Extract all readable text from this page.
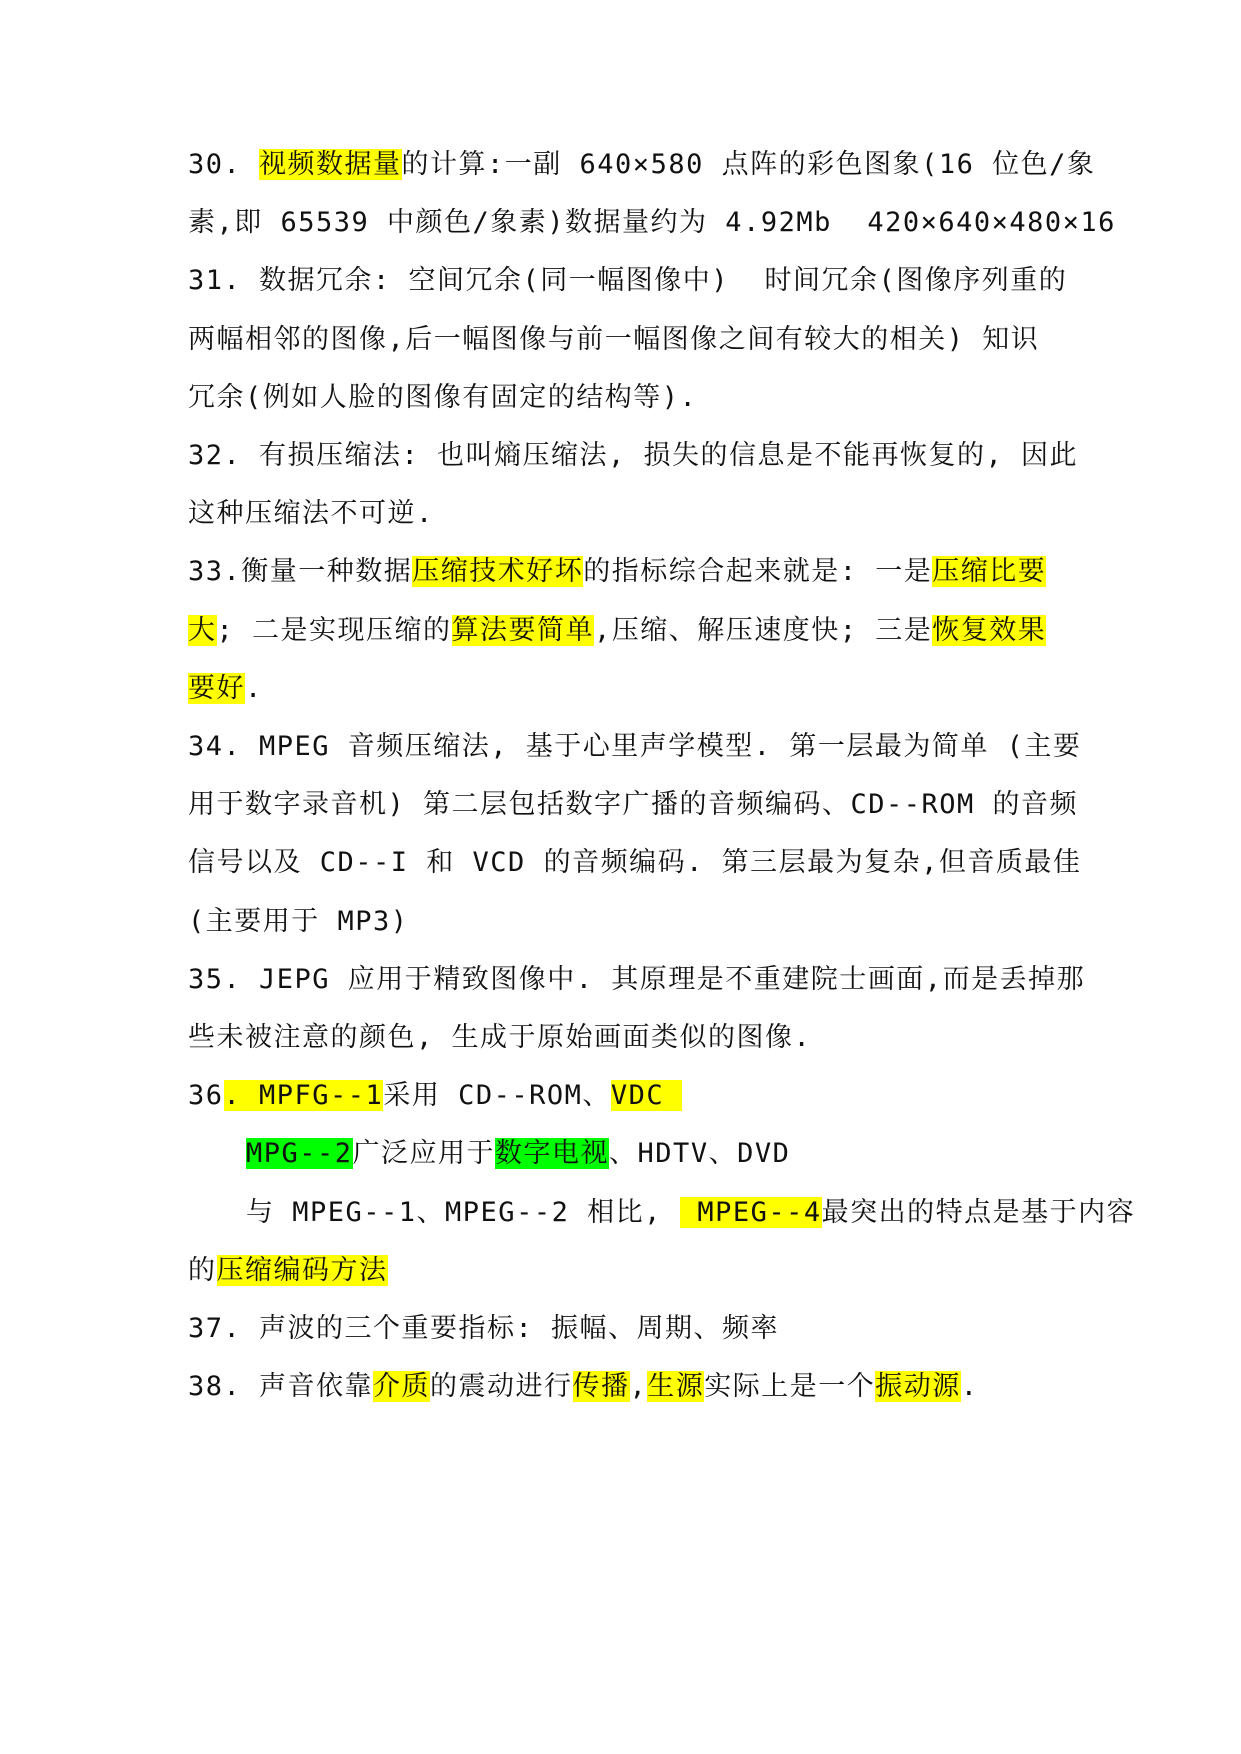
30. 视频数据量的计算:一副 640×580 点阵的彩色图象(16 位色/象
素,即 65539 中颜色/象素)数据量约为 4.92Mb  420×640×480×16
31. 数据冗余: 空间冗余(同一幅图像中)  时间冗余(图像序列重的
两幅相邻的图像,后一幅图像与前一幅图像之间有较大的相关) 知识
冗余(例如人脸的图像有固定的结构等).
32. 有损压缩法: 也叫熵压缩法, 损失的信息是不能再恢复的, 因此
这种压缩法不可逆.
33.衡量一种数据压缩技术好坏的指标综合起来就是: 一是压缩比要
大; 二是实现压缩的算法要简单,压缩、解压速度快; 三是恢复效果
要好.
34. MPEG 音频压缩法, 基于心里声学模型. 第一层最为简单 (主要
用于数字录音机) 第二层包括数字广播的音频编码、CD--ROM 的音频
信号以及 CD--I 和 VCD 的音频编码. 第三层最为复杂,但音质最佳
(主要用于 MP3)
35. JEPG 应用于精致图像中. 其原理是不重建院士画面,而是丢掉那
些未被注意的颜色, 生成于原始画面类似的图像.
36. MPFG--1采用 CD--ROM、VDC
MPG--2广泛应用于数字电视、HDTV、DVD
与 MPEG--1、MPEG--2 相比,  MPEG--4最突出的特点是基于内容
的压缩编码方法
37. 声波的三个重要指标: 振幅、周期、频率
38. 声音依靠介质的震动进行传播,生源实际上是一个振动源.
